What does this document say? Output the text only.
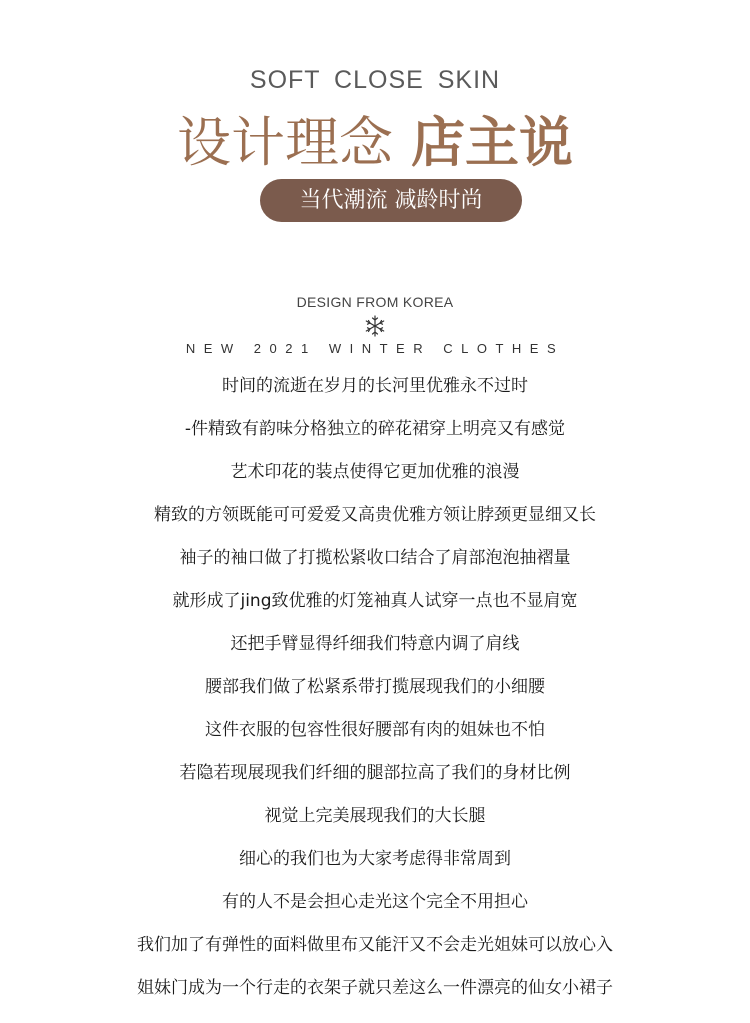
SOFT CLOSE SKIN
设计理念 店主说
当代潮流 减龄时尚
DESIGN FROM KOREA
NEW 2021 WINTER CLOTHES
时间的流逝在岁月的长河里优雅永不过时
-件精致有韵味分格独立的碎花裙穿上明亮又有感觉
艺术印花的装点使得它更加优雅的浪漫
精致的方领既能可可爱爱又高贵优雅方领让脖颈更显细又长
袖子的袖口做了打揽松紧收口结合了肩部泡泡抽褶量
就形成了jing致优雅的灯笼袖真人试穿一点也不显肩宽
还把手臂显得纤细我们特意内调了肩线
腰部我们做了松紧系带打揽展现我们的小细腰
这件衣服的包容性很好腰部有肉的姐妹也不怕
若隐若现展现我们纤细的腿部拉高了我们的身材比例
视觉上完美展现我们的大长腿
细心的我们也为大家考虑得非常周到
有的人不是会担心走光这个完全不用担心
我们加了有弹性的面料做里布又能汗又不会走光姐妹可以放心入
姐妹门成为一个行走的衣架子就只差这么一件漂亮的仙女小裙子
